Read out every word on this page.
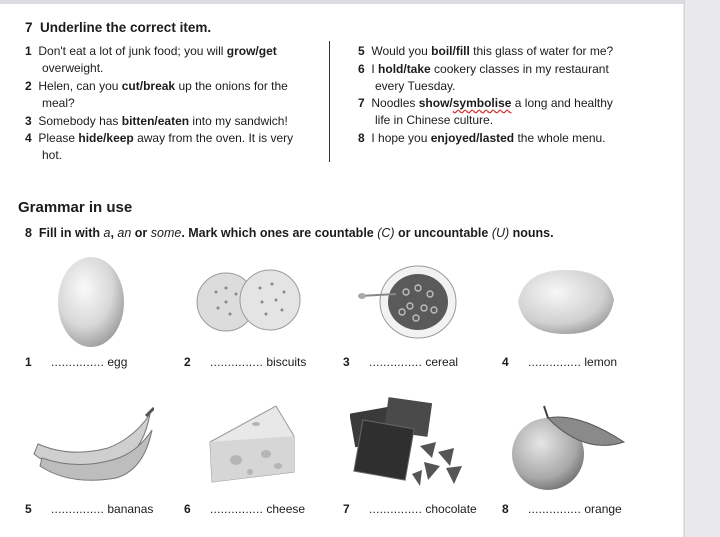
7 Underline the correct item.
1 Don't eat a lot of junk food; you will grow/get
overweight.
2 Helen, can you cut/break up the onions for the
meal?
3 Somebody has bitten/eaten into my sandwich!
4 Please hide/keep away from the oven. It is very
hot.
5 Would you boil/fill this glass of water for me?
6 I hold/take cookery classes in my restaurant
every Tuesday.
7 Noodles show/symbolise a long and healthy
life in Chinese culture.
8 I hope you enjoyed/lasted the whole menu.
Grammar in use
8 Fill in with a, an or some. Mark which ones are countable (C) or uncountable (U) nouns.
1 ............... egg	2 ............... biscuits	3 ............... cereal	4 ............... lemon
5 ............... bananas	6 ............... cheese	7 ............... chocolate 8 ............... orange
